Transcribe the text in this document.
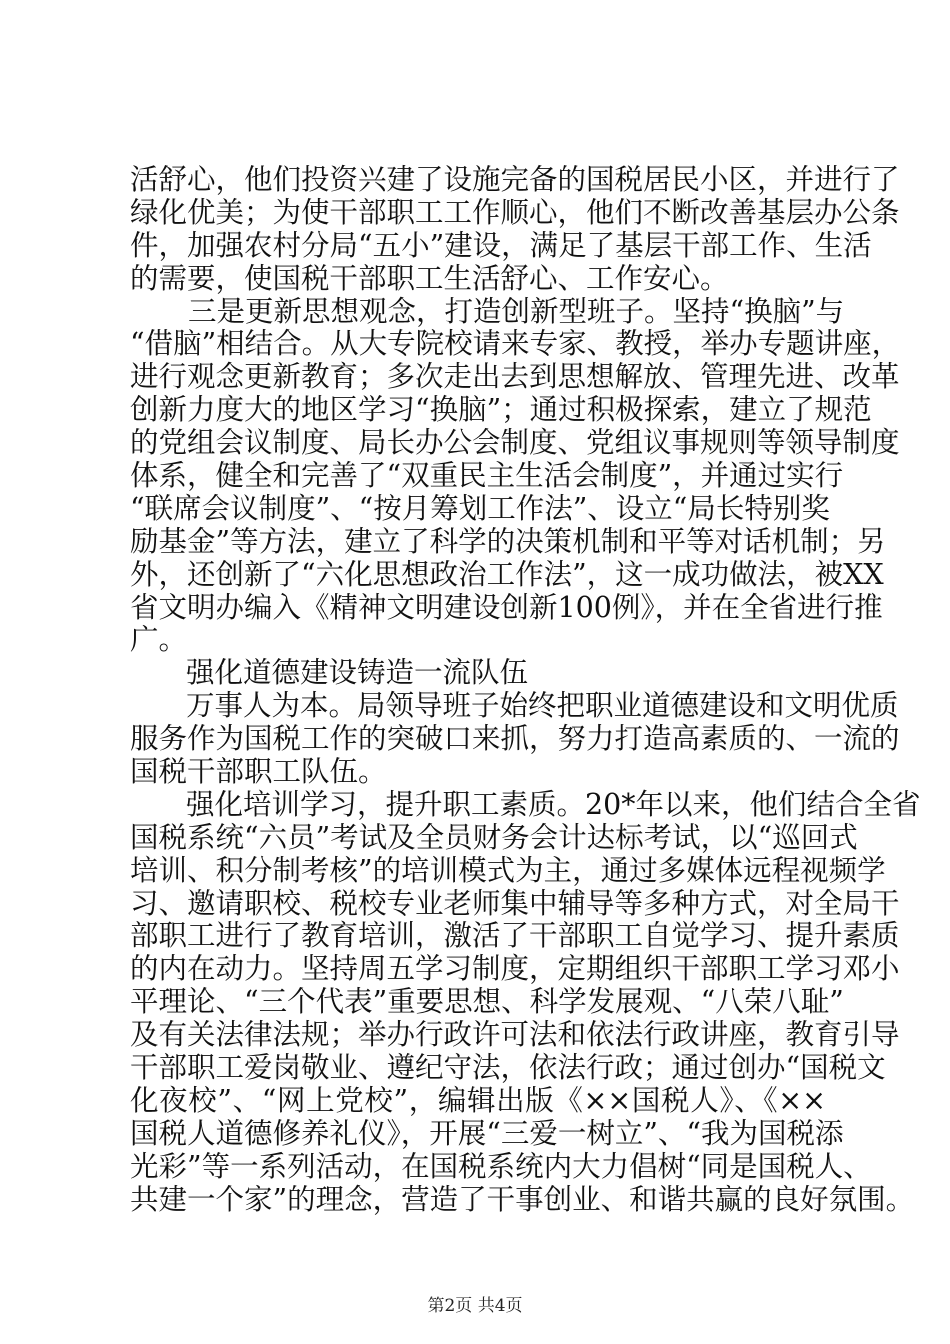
活舒心，他们投资兴建了设施完备的国税居民小区，并进行了
绿化优美；为使干部职工工作顺心，他们不断改善基层办公条
件，加强农村分局“五小”建设，满足了基层干部工作、生活
的需要，使国税干部职工生活舒心、工作安心。
三是更新思想观念，打造创新型班子。坚持“换脑”与
“借脑”相结合。从大专院校请来专家、教授，举办专题讲座，
进行观念更新教育；多次走出去到思想解放、管理先进、改革
创新力度大的地区学习“换脑”；通过积极探索，建立了规范
的党组会议制度、局长办公会制度、党组议事规则等领导制度
体系，健全和完善了“双重民主生活会制度”，并通过实行
“联席会议制度”、“按月筹划工作法”、设立“局长特别奖
励基金”等方法，建立了科学的决策机制和平等对话机制；另
外，还创新了“六化思想政治工作法”，这一成功做法，被XX
省文明办编入《精神文明建设创新100例》，并在全省进行推
广。
强化道德建设铸造一流队伍
万事人为本。局领导班子始终把职业道德建设和文明优质
服务作为国税工作的突破口来抓，努力打造高素质的、一流的
国税干部职工队伍。
强化培训学习，提升职工素质。20*年以来，他们结合全省
国税系统“六员”考试及全员财务会计达标考试，以“巡回式
培训、积分制考核”的培训模式为主，通过多媒体远程视频学
习、邀请职校、税校专业老师集中辅导等多种方式，对全局干
部职工进行了教育培训，激活了干部职工自觉学习、提升素质
的内在动力。坚持周五学习制度，定期组织干部职工学习邓小
平理论、“三个代表”重要思想、科学发展观、“八荣八耻”
及有关法律法规；举办行政许可法和依法行政讲座，教育引导
干部职工爱岗敬业、遵纪守法，依法行政；通过创办“国税文
化夜校”、“网上党校”，编辑出版《××国税人》、《××
国税人道德修养礼仪》，开展“三爱一树立”、“我为国税添
光彩”等一系列活动，在国税系统内大力倡树“同是国税人、
共建一个家”的理念，营造了干事创业、和谐共赢的良好氛围。
第2页 共4页
